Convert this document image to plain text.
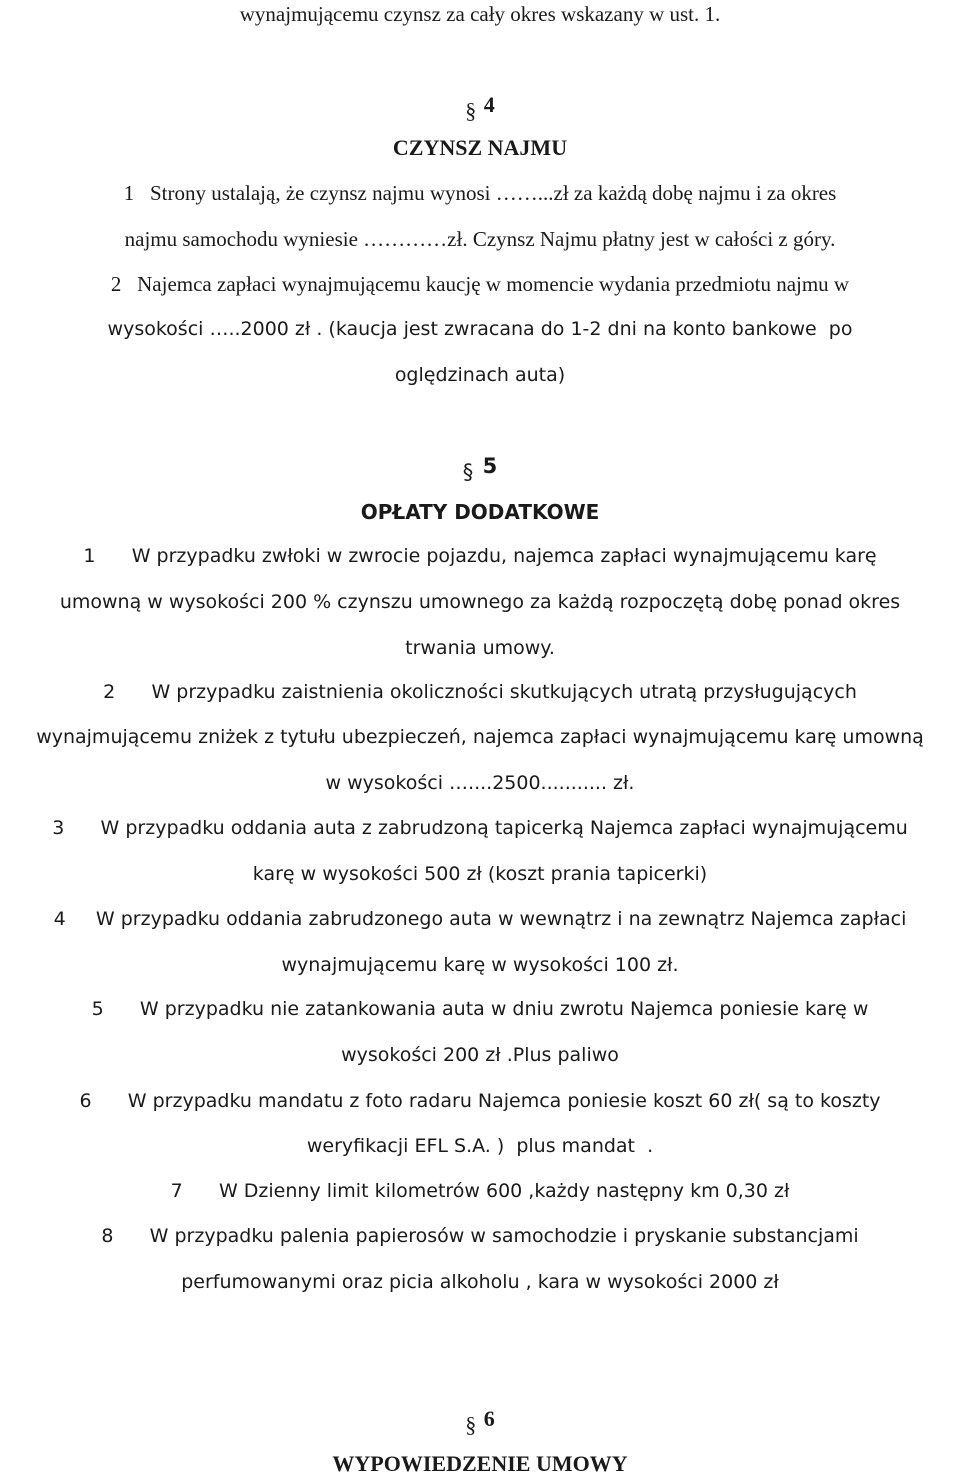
wynajmującemu czynsz za cały okres wskazany w ust. 1.
§ 4
CZYNSZ NAJMU
1 Strony ustalają, że czynsz najmu wynosi ……...zł za każdą dobę najmu i za okres
najmu samochodu wyniesie …………zł. Czynsz Najmu płatny jest w całości z góry.
2 Najemca zapłaci wynajmującemu kaucję w momencie wydania przedmiotu najmu w
wysokości …..2000 zł . (kaucja jest zwracana do 1-2 dni na konto bankowe  po
oględzinach auta)
§ 5
OPŁATY DODATKOWE
1 W przypadku zwłoki w zwrocie pojazdu, najemca zapłaci wynajmującemu karę
umowną w wysokości 200 % czynszu umownego za każdą rozpoczętą dobę ponad okres
trwania umowy.
2 W przypadku zaistnienia okoliczności skutkujących utratą przysługujących
wynajmującemu zniżek z tytułu ubezpieczeń, najemca zapłaci wynajmującemu karę umowną
w wysokości …....2500........... zł.
3 W przypadku oddania auta z zabrudzoną tapicerką Najemca zapłaci wynajmującemu
karę w wysokości 500 zł (koszt prania tapicerki)
4 W przypadku oddania zabrudzonego auta w wewnątrz i na zewnątrz Najemca zapłaci
wynajmującemu karę w wysokości 100 zł.
5 W przypadku nie zatankowania auta w dniu zwrotu Najemca poniesie karę w
wysokości 200 zł .Plus paliwo
6 W przypadku mandatu z foto radaru Najemca poniesie koszt 60 zł( są to koszty
weryfikacji EFL S.A. )  plus mandat  .
7 W Dzienny limit kilometrów 600 ,każdy następny km 0,30 zł
8 W przypadku palenia papierosów w samochodzie i pryskanie substancjami
perfumowanymi oraz picia alkoholu , kara w wysokości 2000 zł
§ 6
WYPOWIEDZENIE UMOWY
